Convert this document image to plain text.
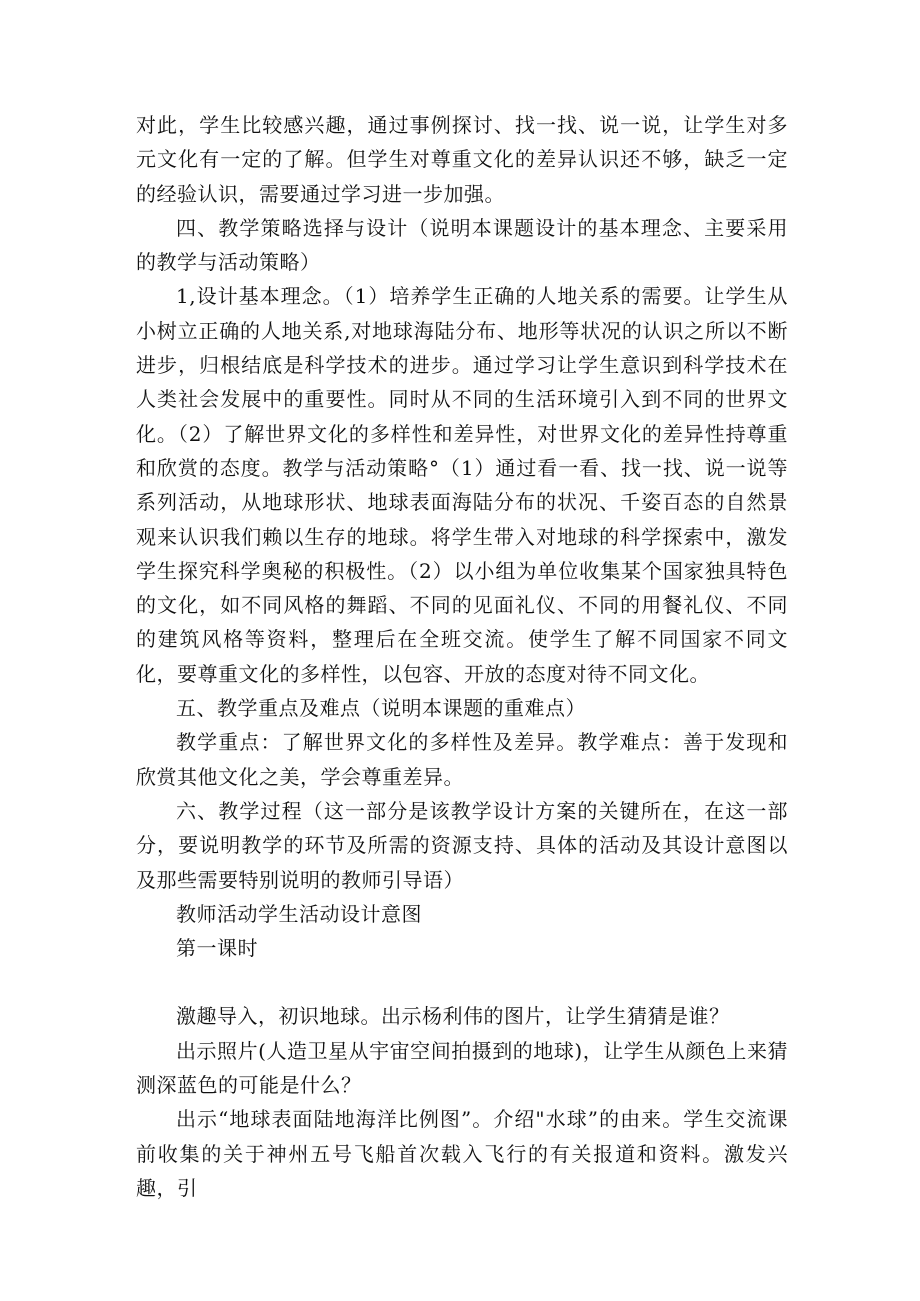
对此，学生比较感兴趣，通过事例探讨、找一找、说一说，让学生对多元文化有一定的了解。但学生对尊重文化的差异认识还不够，缺乏一定的经验认识，需要通过学习进一步加强。

四、教学策略选择与设计（说明本课题设计的基本理念、主要采用的教学与活动策略）

1,设计基本理念。（1）培养学生正确的人地关系的需要。让学生从小树立正确的人地关系,对地球海陆分布、地形等状况的认识之所以不断进步，归根结底是科学技术的进步。通过学习让学生意识到科学技术在人类社会发展中的重要性。同时从不同的生活环境引入到不同的世界文化。（2）了解世界文化的多样性和差异性，对世界文化的差异性持尊重和欣赏的态度。教学与活动策略°（1）通过看一看、找一找、说一说等系列活动，从地球形状、地球表面海陆分布的状况、千姿百态的自然景观来认识我们赖以生存的地球。将学生带入对地球的科学探索中，激发学生探究科学奥秘的积极性。（2）以小组为单位收集某个国家独具特色的文化，如不同风格的舞蹈、不同的见面礼仪、不同的用餐礼仪、不同的建筑风格等资料，整理后在全班交流。使学生了解不同国家不同文化，要尊重文化的多样性，以包容、开放的态度对待不同文化。

五、教学重点及难点（说明本课题的重难点）

教学重点：了解世界文化的多样性及差异。教学难点：善于发现和欣赏其他文化之美，学会尊重差异。

六、教学过程（这一部分是该教学设计方案的关键所在，在这一部分，要说明教学的环节及所需的资源支持、具体的活动及其设计意图以及那些需要特别说明的教师引导语）

教师活动学生活动设计意图

第一课时

激趣导入，初识地球。出示杨利伟的图片，让学生猜猜是谁？

出示照片(人造卫星从宇宙空间拍摄到的地球)，让学生从颜色上来猜测深蓝色的可能是什么？

出示“地球表面陆地海洋比例图”。介绍"水球”的由来。学生交流课前收集的关于神州五号飞船首次载入飞行的有关报道和资料。激发兴趣，引
